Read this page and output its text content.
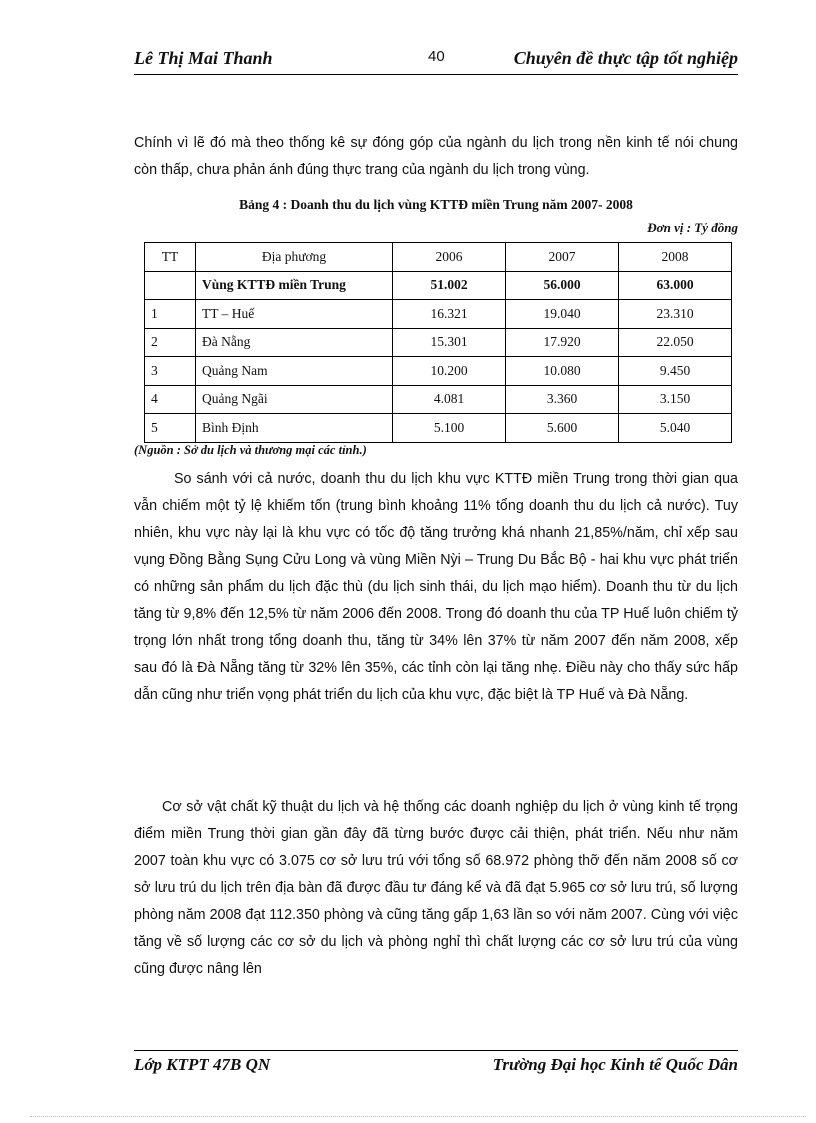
Lê Thị Mai Thanh	40	Chuyên đề thực tập tốt nghiệp
Chính vì lẽ đó mà theo thống kê sự đóng góp của ngành du lịch trong nền kinh tế nói chung còn thấp, chưa phản ánh đúng thực trang của ngành du lịch trong vùng.
Bảng 4 : Doanh thu du lịch vùng KTTĐ miền Trung năm 2007- 2008
Đơn vị : Tỷ đồng
TT	Địa phương	2006	2007	2008
	Vùng KTTĐ miền Trung	51.002	56.000	63.000
1	TT – Huế	16.321	19.040	23.310
2	Đà Nẵng	15.301	17.920	22.050
3	Quảng Nam	10.200	10.080	9.450
4	Quảng Ngãi	4.081	3.360	3.150
5	Bình Định	5.100	5.600	5.040
(Nguồn : Sở du lịch và thương mại các tỉnh.)
So sánh với cả nước, doanh thu du lịch khu vực KTTĐ miền Trung trong thời gian qua vẫn chiếm một tỷ lệ khiếm tốn (trung bình khoảng 11% tổng doanh thu du lịch cả nước). Tuy nhiên, khu vực này lại là khu vực có tốc độ tăng trưởng khá nhanh 21,85%/năm, chỉ xếp sau vụng Đồng Bằng Sụng Cửu Long và vùng Miền Nỳi – Trung Du Bắc Bộ - hai khu vực phát triển có những sản phẩm du lịch đặc thù (du lịch sinh thái, du lịch mạo hiểm). Doanh thu từ du lịch tăng từ 9,8% đến 12,5% từ năm 2006 đến 2008. Trong đó doanh thu của TP Huế luôn chiếm tỷ trọng lớn nhất trong tổng doanh thu, tăng từ 34% lên 37% từ năm 2007 đến năm 2008, xếp sau đó là Đà Nẵng tăng từ 32% lên 35%, các tỉnh còn lại tăng nhẹ. Điều này cho thấy sức hấp dẫn cũng như triển vọng phát triển du lịch của khu vực, đặc biệt là TP Huế và Đà Nẵng.
Cơ sở vật chất kỹ thuật du lịch và hệ thống các doanh nghiệp du lịch ở vùng kinh tế trọng điểm miền Trung thời gian gần đây đã từng bước được cải thiện, phát triển. Nếu như năm 2007 toàn khu vực có 3.075 cơ sở lưu trú với tổng số 68.972 phòng thỡ đến năm 2008 số cơ sở lưu trú du lịch trên địa bàn đã được đầu tư đáng kể và đã đạt 5.965 cơ sở lưu trú, số lượng phòng năm 2008 đạt 112.350 phòng và cũng tăng gấp 1,63 lần so với năm 2007. Cùng với việc tăng về số lượng các cơ sở du lịch và phòng nghỉ thì chất lượng các cơ sở lưu trú của vùng cũng được nâng lên
Lớp KTPT 47B QN	Trường Đại học Kinh tế Quốc Dân
